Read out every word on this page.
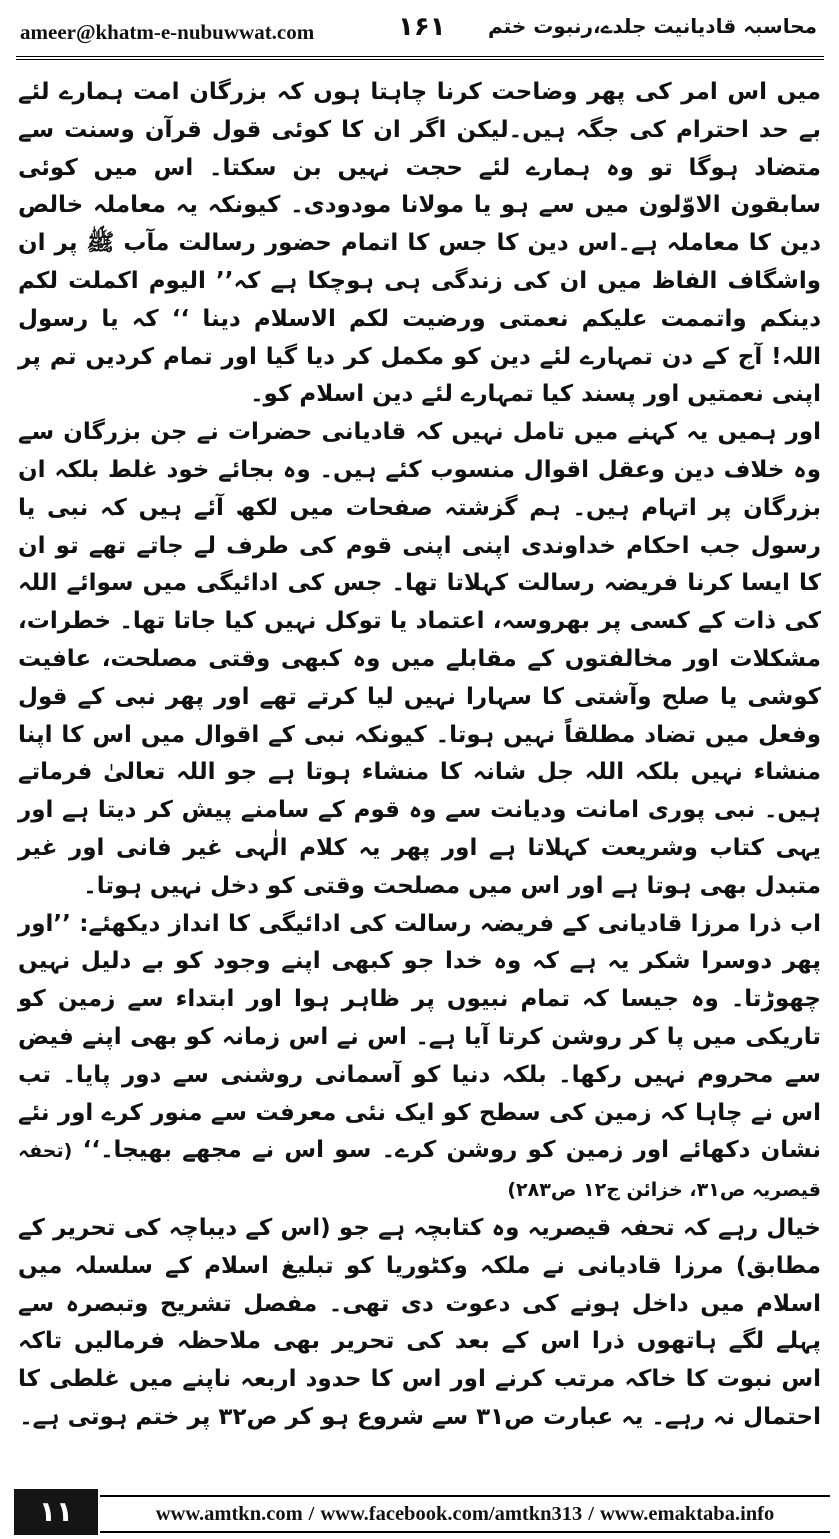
ameer@khatm-e-nubuwwat.com	۱۶۱ محاسبہ قادیانیت جلدے،رنبوت ختم

میں اس امر کی پھر وضاحت کرنا چاہتا ہوں کہ بزرگان امت ہمارے لئے بے حد احترام کی جگہ ہیں۔لیکن اگر ان کا کوئی قول قرآن وسنت سے متضاد ہوگا تو وہ ہمارے لئے حجت نہیں بن سکتا۔ اس میں کوئی سابقون الاوّلون میں سے ہو یا مولانا مودودی۔ کیونکہ یہ معاملہ خالص دین کا معاملہ ہے۔اس دین کا جس کا اتمام حضور رسالت مآب ﷺ پر ان واشگاف الفاظ میں ان کی زندگی ہی ہوچکا ہے کہ’’ الیوم اکملت لکم دینکم واتممت علیکم نعمتی ورضیت لکم الاسلام دینا ‘‘ کہ یا رسول اللہ! آج کے دن تمہارے لئے دین کو مکمل کر دیا گیا اور تمام کردیں تم پر اپنی نعمتیں اور پسند کیا تمہارے لئے دین اسلام کو۔

اور ہمیں یہ کہنے میں تامل نہیں کہ قادیانی حضرات نے جن بزرگان سے وہ خلاف دین وعقل اقوال منسوب کئے ہیں۔ وہ بجائے خود غلط بلکہ ان بزرگان پر اتہام ہیں۔ ہم گزشتہ صفحات میں لکھ آئے ہیں کہ نبی یا رسول جب احکام خداوندی اپنی اپنی قوم کی طرف لے جاتے تھے تو ان کا ایسا کرنا فریضہ رسالت کہلاتا تھا۔ جس کی ادائیگی میں سوائے اللہ کی ذات کے کسی پر بھروسہ، اعتماد یا توکل نہیں کیا جاتا تھا۔ خطرات، مشکلات اور مخالفتوں کے مقابلے میں وہ کبھی وقتی مصلحت، عافیت کوشی یا صلح وآشتی کا سہارا نہیں لیا کرتے تھے اور پھر نبی کے قول وفعل میں تضاد مطلقاً نہیں ہوتا۔ کیونکہ نبی کے اقوال میں اس کا اپنا منشاء نہیں بلکہ اللہ جل شانہ کا منشاء ہوتا ہے جو اللہ تعالیٰ فرماتے ہیں۔ نبی پوری امانت ودیانت سے وہ قوم کے سامنے پیش کر دیتا ہے اور یہی کتاب وشریعت کہلاتا ہے اور پھر یہ کلام الٰہی غیر فانی اور غیر متبدل بھی ہوتا ہے اور اس میں مصلحت وقتی کو دخل نہیں ہوتا۔

اب ذرا مرزا قادیانی کے فریضہ رسالت کی ادائیگی کا انداز دیکھئے: ’’اور پھر دوسرا شکر یہ ہے کہ وہ خدا جو کبھی اپنے وجود کو بے دلیل نہیں چھوڑتا۔ وہ جیسا کہ تمام نبیوں پر ظاہر ہوا اور ابتداء سے زمین کو تاریکی میں پا کر روشن کرتا آیا ہے۔ اس نے اس زمانہ کو بھی اپنے فیض سے محروم نہیں رکھا۔ بلکہ دنیا کو آسمانی روشنی سے دور پایا۔ تب اس نے چاہا کہ زمین کی سطح کو ایک نئی معرفت سے منور کرے اور نئے نشان دکھائے اور زمین کو روشن کرے۔ سو اس نے مجھے بھیجا۔‘‘ (تحفہ قیصریہ ص۳۱، خزائن ج۱۲ ص۲۸۳)

خیال رہے کہ تحفہ قیصریہ وہ کتابچہ ہے جو (اس کے دیباچہ کی تحریر کے مطابق) مرزا قادیانی نے ملکہ وکٹوریا کو تبلیغ اسلام کے سلسلہ میں اسلام میں داخل ہونے کی دعوت دی تھی۔ مفصل تشریح وتبصرہ سے پہلے لگے ہاتھوں ذرا اس کے بعد کی تحریر بھی ملاحظہ فرمالیں تاکہ اس نبوت کا خاکہ مرتب کرنے اور اس کا حدود اربعہ ناپنے میں غلطی کا احتمال نہ رہے۔ یہ عبارت ص۳۱ سے شروع ہو کر ص۳۲ پر ختم ہوتی ہے۔

۱۱	www.amtkn.com / www.facebook.com/amtkn313 / www.emaktaba.info
